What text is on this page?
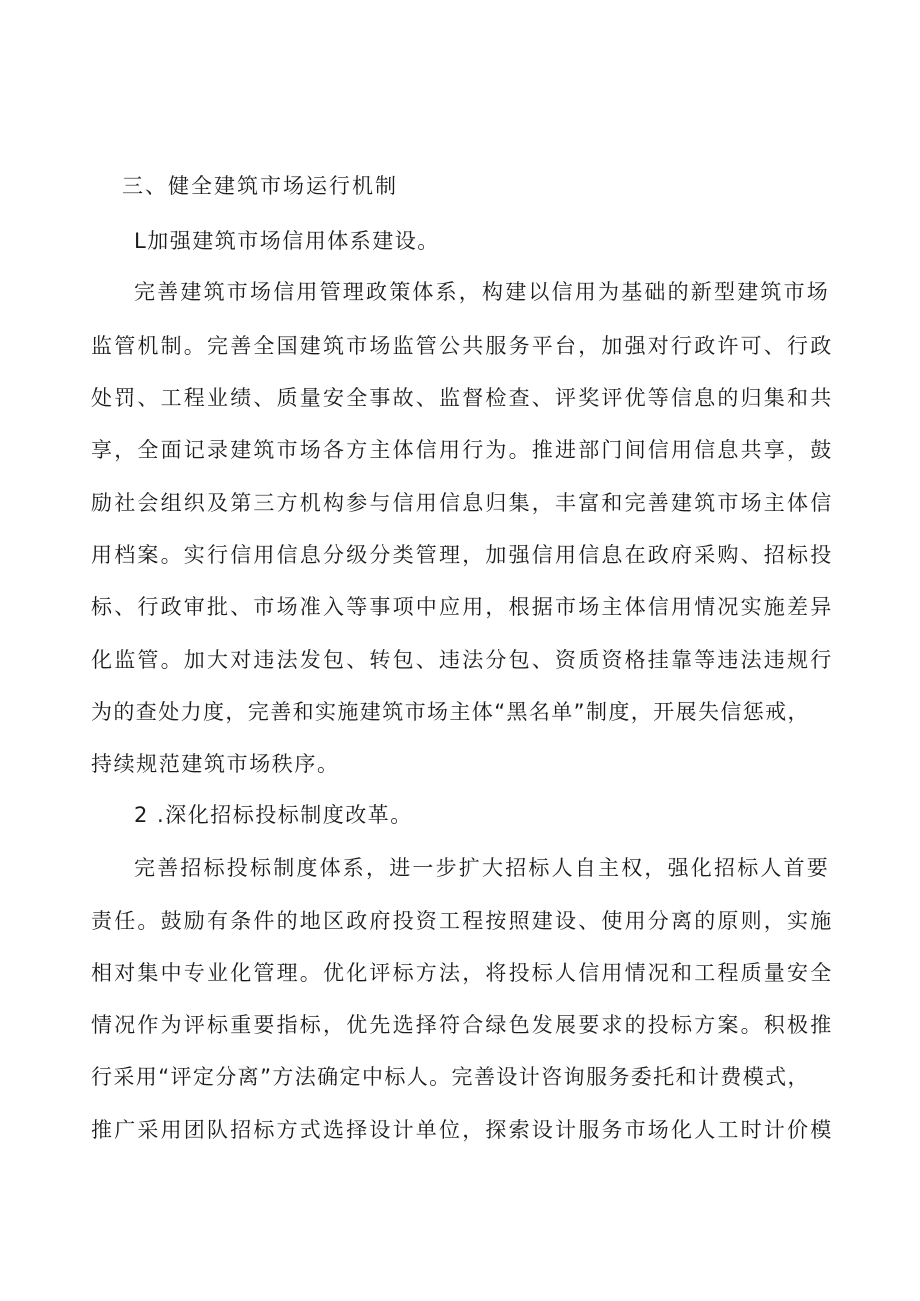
三、健全建筑市场运行机制
L加强建筑市场信用体系建设。
完善建筑市场信用管理政策体系，构建以信用为基础的新型建筑市场
监管机制。完善全国建筑市场监管公共服务平台，加强对行政许可、行政
处罚、工程业绩、质量安全事故、监督检查、评奖评优等信息的归集和共
享，全面记录建筑市场各方主体信用行为。推进部门间信用信息共享，鼓
励社会组织及第三方机构参与信用信息归集，丰富和完善建筑市场主体信
用档案。实行信用信息分级分类管理，加强信用信息在政府采购、招标投
标、行政审批、市场准入等事项中应用，根据市场主体信用情况实施差异
化监管。加大对违法发包、转包、违法分包、资质资格挂靠等违法违规行
为的查处力度，完善和实施建筑市场主体“黑名单”制度，开展失信惩戒，
持续规范建筑市场秩序。
2 .深化招标投标制度改革。
完善招标投标制度体系，进一步扩大招标人自主权，强化招标人首要
责任。鼓励有条件的地区政府投资工程按照建设、使用分离的原则，实施
相对集中专业化管理。优化评标方法，将投标人信用情况和工程质量安全
情况作为评标重要指标，优先选择符合绿色发展要求的投标方案。积极推
行采用“评定分离”方法确定中标人。完善设计咨询服务委托和计费模式，
推广采用团队招标方式选择设计单位，探索设计服务市场化人工时计价模
